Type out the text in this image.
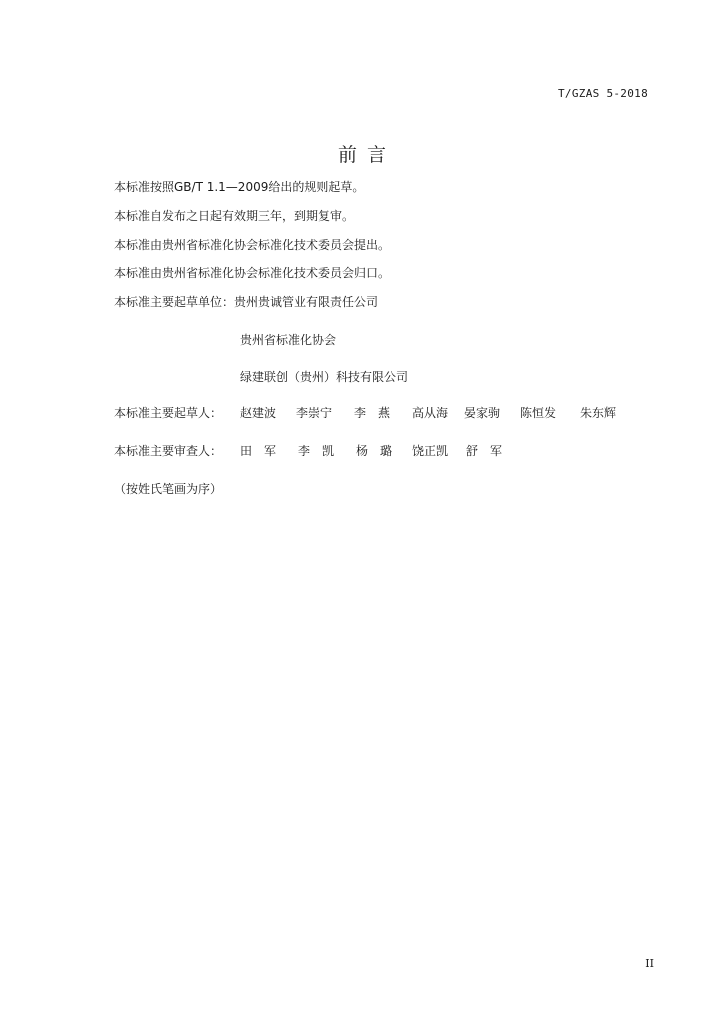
T/GZAS 5-2018
前言
本标准按照GB/T 1.1—2009给出的规则起草。
本标准自发布之日起有效期三年，到期复审。
本标准由贵州省标准化协会标准化技术委员会提出。
本标准由贵州省标准化协会标准化技术委员会归口。
本标准主要起草单位：贵州贵诚管业有限责任公司
贵州省标准化协会
绿建联创（贵州）科技有限公司
本标准主要起草人： 赵建波 李崇宁 李　燕 高从海 晏家驹 陈恒发 朱东辉
本标准主要审查人： 田　军 李　凯 杨　璐 饶正凯 舒　军
（按姓氏笔画为序）
II
